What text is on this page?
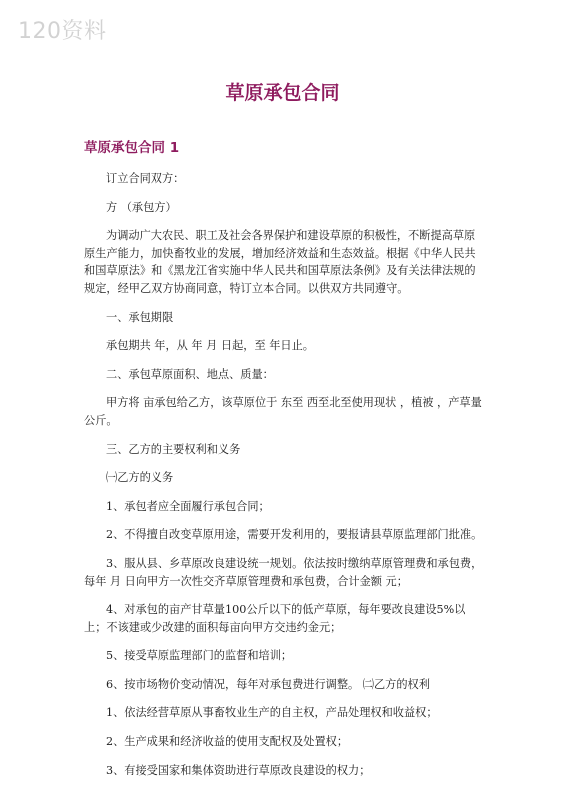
120资料
草原承包合同
草原承包合同 1

订立合同双方：

方 （承包方）

为调动广大农民、职工及社会各界保护和建设草原的积极性，不断提高草原原生产能力，加快畜牧业的发展，增加经济效益和生态效益。根据《中华人民共和国草原法》和《黑龙江省实施中华人民共和国草原法条例》及有关法律法规的规定，经甲乙双方协商同意，特订立本合同。以供双方共同遵守。

一、承包期限

承包期共 年，从 年 月 日起，至 年日止。

二、承包草原面积、地点、质量：

甲方将 亩承包给乙方，该草原位于 东至 西至北至使用现状 ，植被 ，产草量 公斤。

三、乙方的主要权利和义务

㈠乙方的义务

1、承包者应全面履行承包合同；

2、不得擅自改变草原用途，需要开发利用的，要报请县草原监理部门批准。

3、服从县、乡草原改良建设统一规划。依法按时缴纳草原管理费和承包费，每年 月 日向甲方一次性交齐草原管理费和承包费，合计金额 元；

4、对承包的亩产甘草量100公斤以下的低产草原，每年要改良建设5%以上；不该建或少改建的面积每亩向甲方交违约金元；

5、接受草原监理部门的监督和培训；

6、按市场物价变动情况，每年对承包费进行调整。 ㈡乙方的权利

1、依法经营草原从事畜牧业生产的自主权，产品处理权和收益权；

2、生产成果和经济收益的使用支配权及处置权；

3、有接受国家和集体资助进行草原改良建设的权力；
